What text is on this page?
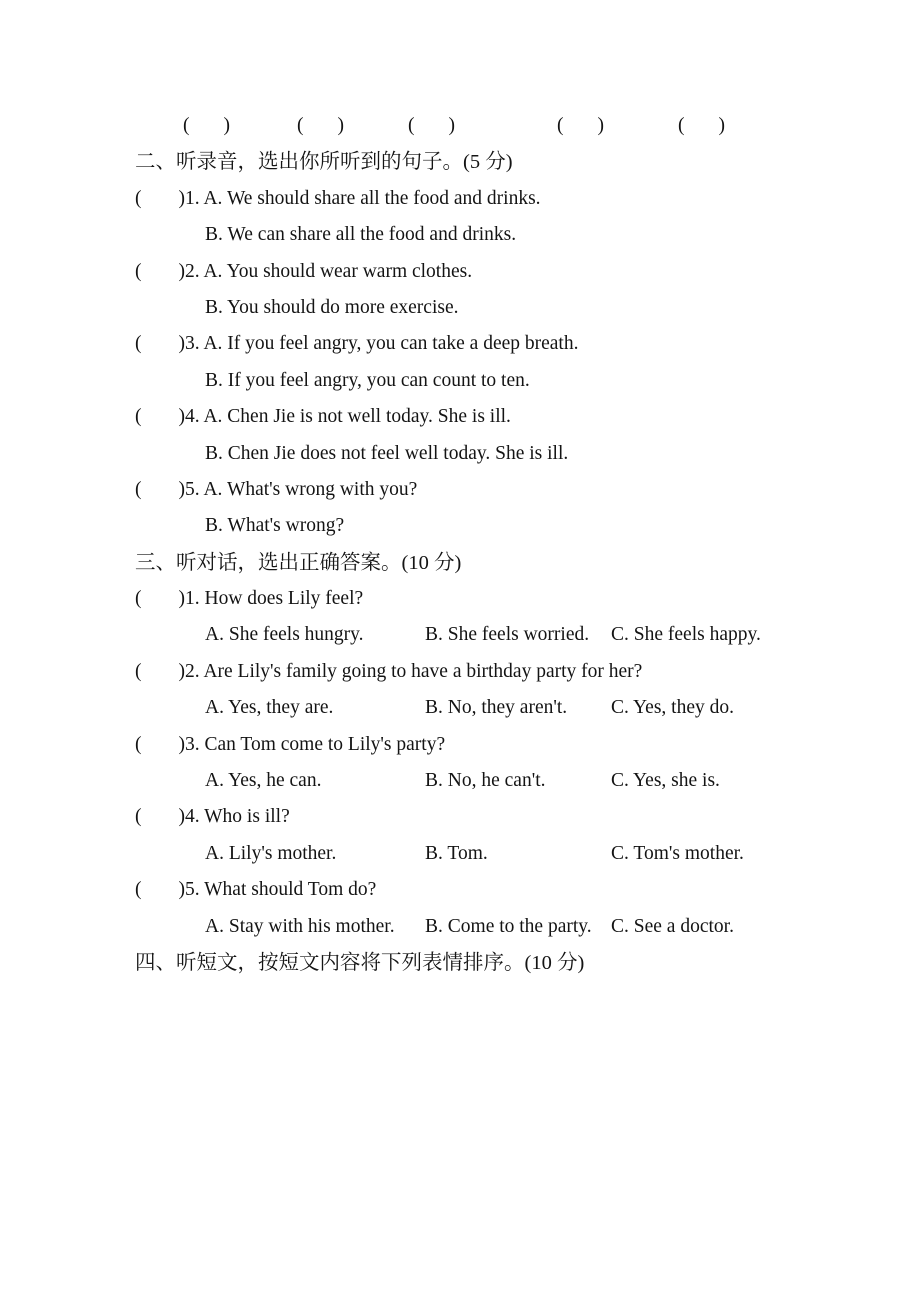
( )	( )	( )	( )	( )
二、听录音，选出你所听到的句子。(5 分)
( )1. A. We should share all the food and drinks.
B. We can share all the food and drinks.
( )2. A. You should wear warm clothes.
B. You should do more exercise.
( )3. A. If you feel angry, you can take a deep breath.
B. If you feel angry, you can count to ten.
( )4. A. Chen Jie is not well today. She is ill.
B. Chen Jie does not feel well today. She is ill.
( )5. A. What's wrong with you?
B. What's wrong?
三、听对话，选出正确答案。(10 分)
( )1. How does Lily feel?
A. She feels hungry.	B. She feels worried.	C. She feels happy.
( )2. Are Lily's family going to have a birthday party for her?
A. Yes, they are.	B. No, they aren't.	C. Yes, they do.
( )3. Can Tom come to Lily's party?
A. Yes, he can.	B. No, he can't.	C. Yes, she is.
( )4. Who is ill?
A. Lily's mother.	B. Tom.	C. Tom's mother.
( )5. What should Tom do?
A. Stay with his mother.	B. Come to the party. C. See a doctor.
四、听短文，按短文内容将下列表情排序。(10 分)
